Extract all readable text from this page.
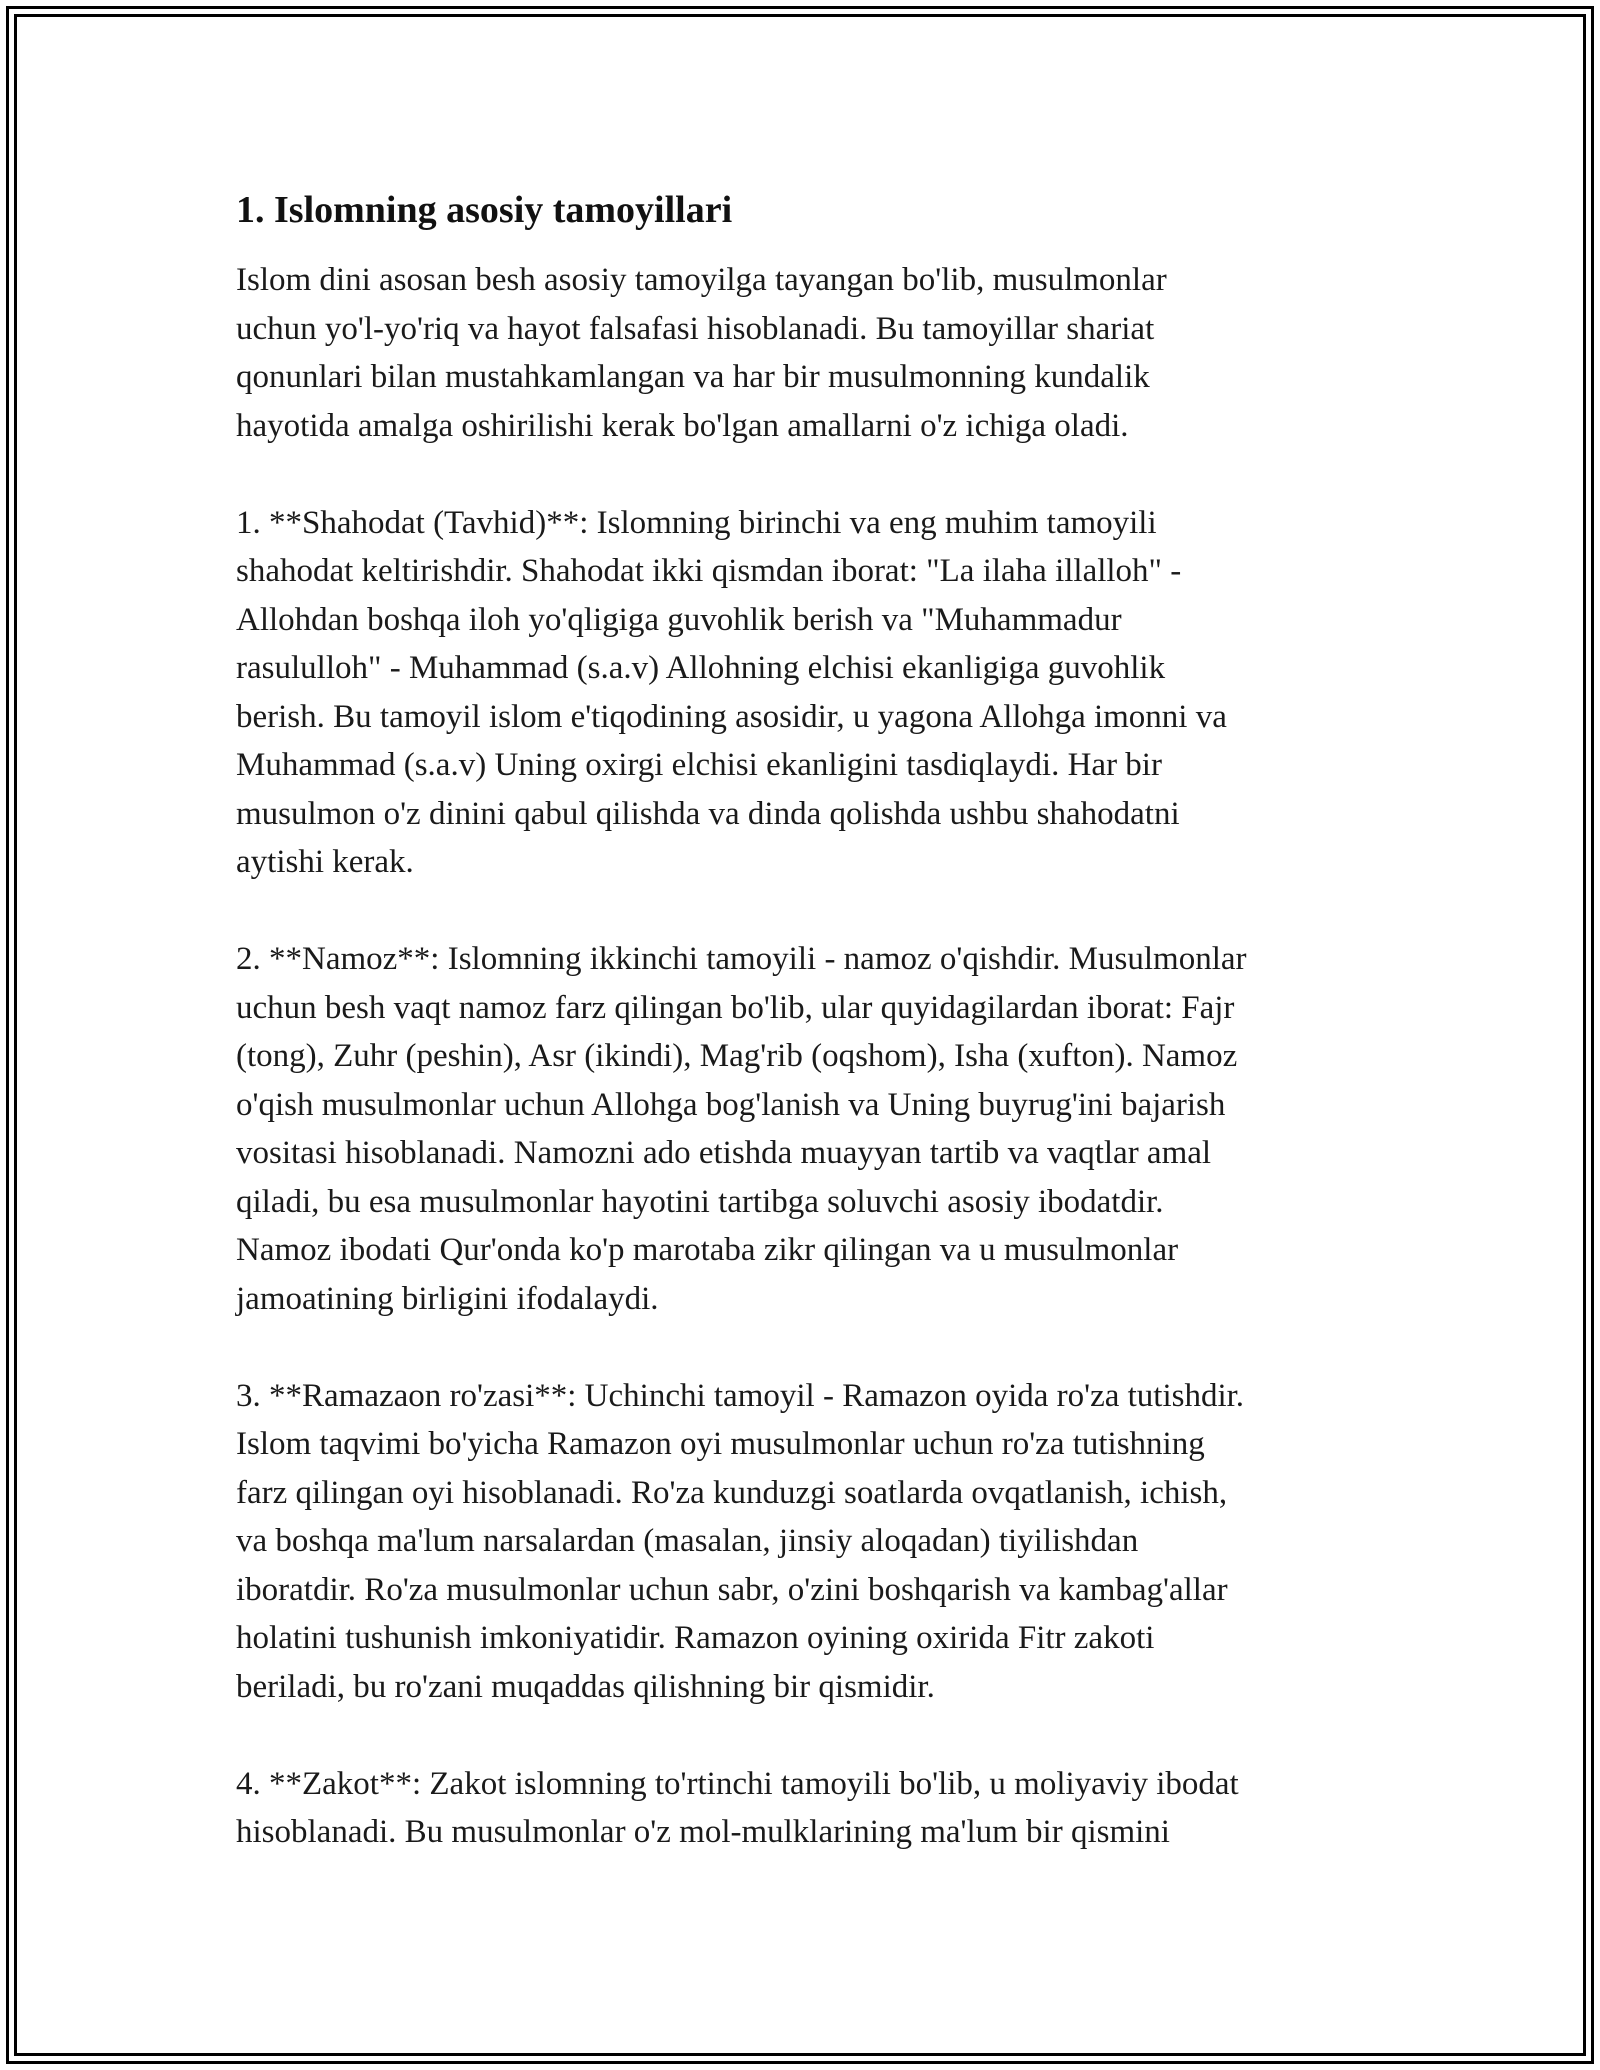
1. Islomning asosiy tamoyillari
Islom dini asosan besh asosiy tamoyilga tayangan bo'lib, musulmonlar
uchun yo'l-yo'riq va hayot falsafasi hisoblanadi. Bu tamoyillar shariat
qonunlari bilan mustahkamlangan va har bir musulmonning kundalik
hayotida amalga oshirilishi kerak bo'lgan amallarni o'z ichiga oladi.
1. **Shahodat (Tavhid)**: Islomning birinchi va eng muhim tamoyili
shahodat keltirishdir. Shahodat ikki qismdan iborat: "La ilaha illalloh" -
Allohdan boshqa iloh yo'qligiga guvohlik berish va "Muhammadur
rasululloh" - Muhammad (s.a.v) Allohning elchisi ekanligiga guvohlik
berish. Bu tamoyil islom e'tiqodining asosidir, u yagona Allohga imonni va
Muhammad (s.a.v) Uning oxirgi elchisi ekanligini tasdiqlaydi. Har bir
musulmon o'z dinini qabul qilishda va dinda qolishda ushbu shahodatni
aytishi kerak.
2. **Namoz**: Islomning ikkinchi tamoyili - namoz o'qishdir. Musulmonlar
uchun besh vaqt namoz farz qilingan bo'lib, ular quyidagilardan iborat: Fajr
(tong), Zuhr (peshin), Asr (ikindi), Mag'rib (oqshom), Isha (xufton). Namoz
o'qish musulmonlar uchun Allohga bog'lanish va Uning buyrug'ini bajarish
vositasi hisoblanadi. Namozni ado etishda muayyan tartib va vaqtlar amal
qiladi, bu esa musulmonlar hayotini tartibga soluvchi asosiy ibodatdir.
Namoz ibodati Qur'onda ko'p marotaba zikr qilingan va u musulmonlar
jamoatining birligini ifodalaydi.
3. **Ramazaon ro'zasi**: Uchinchi tamoyil - Ramazon oyida ro'za tutishdir.
Islom taqvimi bo'yicha Ramazon oyi musulmonlar uchun ro'za tutishning
farz qilingan oyi hisoblanadi. Ro'za kunduzgi soatlarda ovqatlanish, ichish,
va boshqa ma'lum narsalardan (masalan, jinsiy aloqadan) tiyilishdan
iboratdir. Ro'za musulmonlar uchun sabr, o'zini boshqarish va kambag'allar
holatini tushunish imkoniyatidir. Ramazon oyining oxirida Fitr zakoti
beriladi, bu ro'zani muqaddas qilishning bir qismidir.
4. **Zakot**: Zakot islomning to'rtinchi tamoyili bo'lib, u moliyaviy ibodat
hisoblanadi. Bu musulmonlar o'z mol-mulklarining ma'lum bir qismini
